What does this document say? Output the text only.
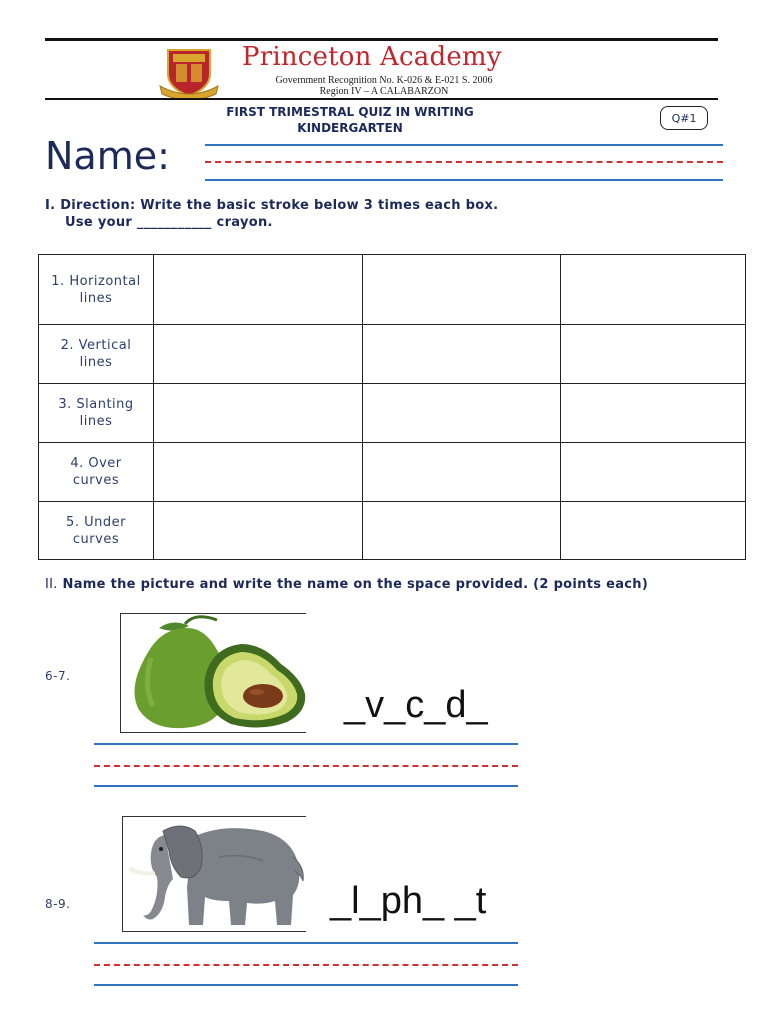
Princeton Academy
Government Recognition No. K-026 & E-021 S. 2006
Region IV – A CALABARZON
FIRST TRIMESTRAL QUIZ IN WRITING
KINDERGARTEN
Q#1
Name:
I. Direction: Write the basic stroke below 3 times each box.
Use your ___________ crayon.
1. Horizontal
lines			

2. Vertical
lines			

3. Slanting
lines			

4. Over
curves			

5. Under
curves			

II. Name the picture and write the name on the space provided. (2 points each)
6-7.
_v_c_d_
8-9.	_l_ph_ _t
